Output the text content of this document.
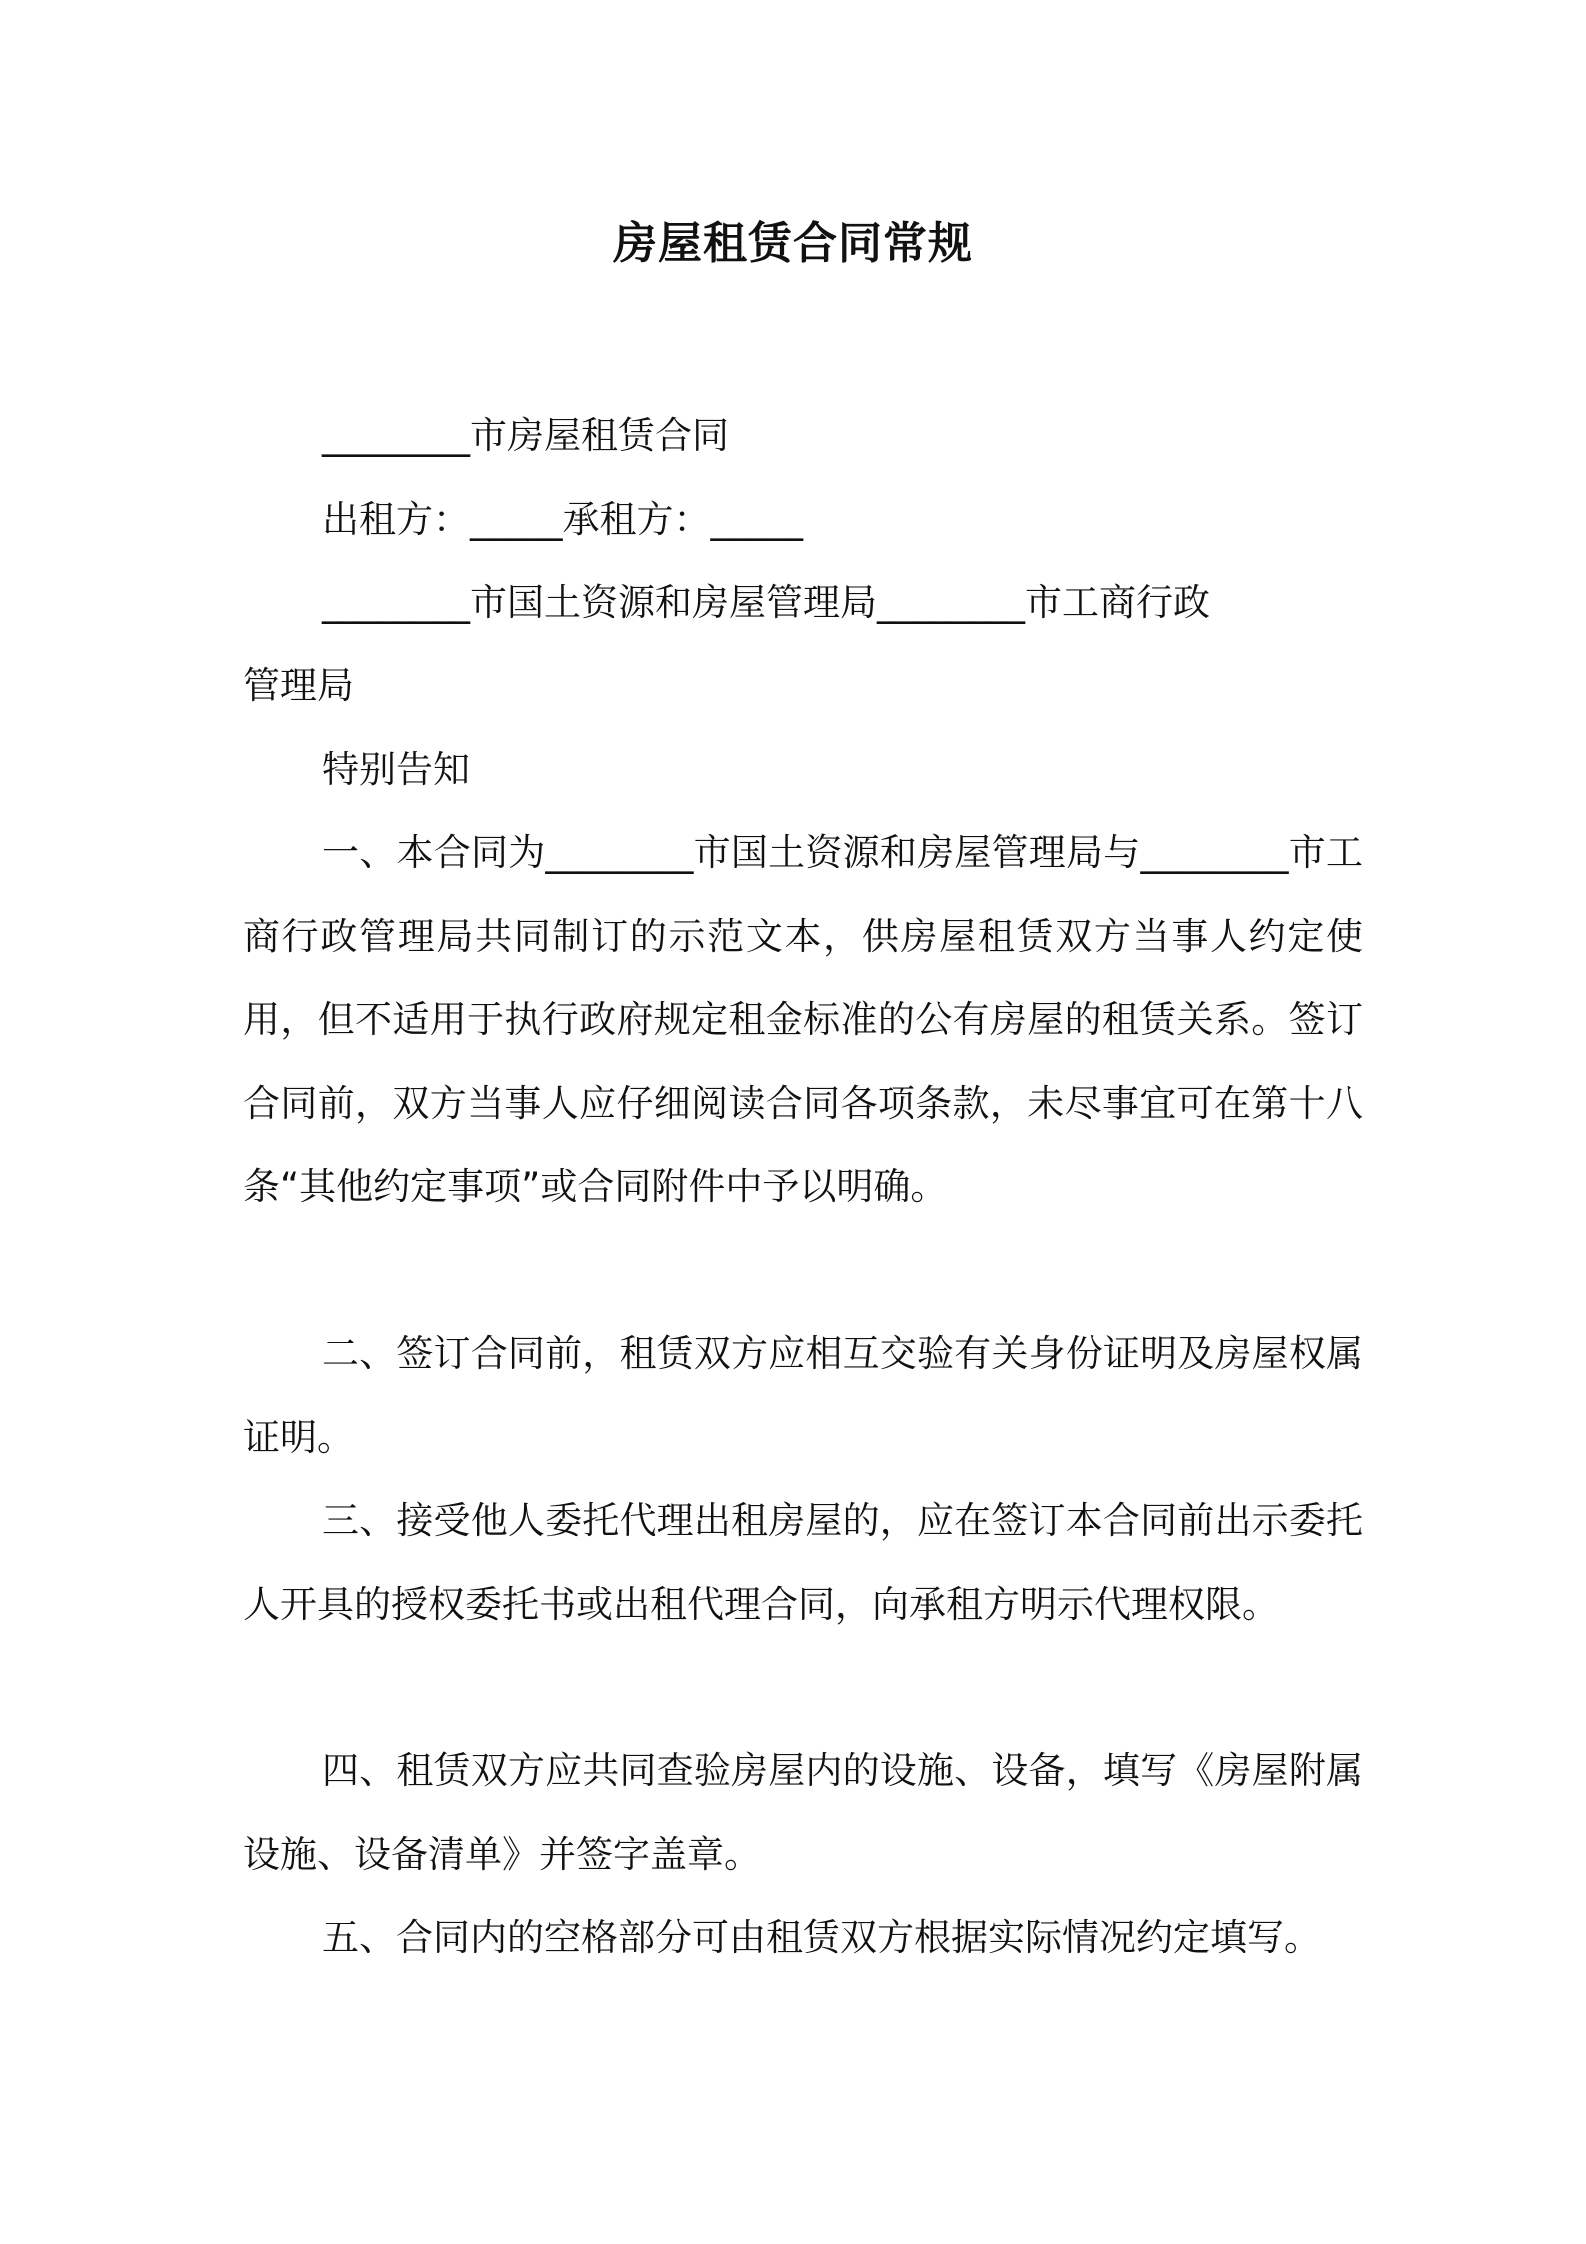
房屋租赁合同常规

________市房屋租赁合同

出租方：_____承租方：_____

________市国土资源和房屋管理局________市工商行政

管理局

特别告知

一、本合同为________市国土资源和房屋管理局与________市工商行政管理局共同制订的示范文本，供房屋租赁双方当事人约定使用，但不适用于执行政府规定租金标准的公有房屋的租赁关系。签订合同前，双方当事人应仔细阅读合同各项条款，未尽事宜可在第十八条“其他约定事项”或合同附件中予以明确。

二、签订合同前，租赁双方应相互交验有关身份证明及房屋权属证明。

三、接受他人委托代理出租房屋的，应在签订本合同前出示委托人开具的授权委托书或出租代理合同，向承租方明示代理权限。

四、租赁双方应共同查验房屋内的设施、设备，填写《房屋附属设施、设备清单》并签字盖章。

五、合同内的空格部分可由租赁双方根据实际情况约定填写。
